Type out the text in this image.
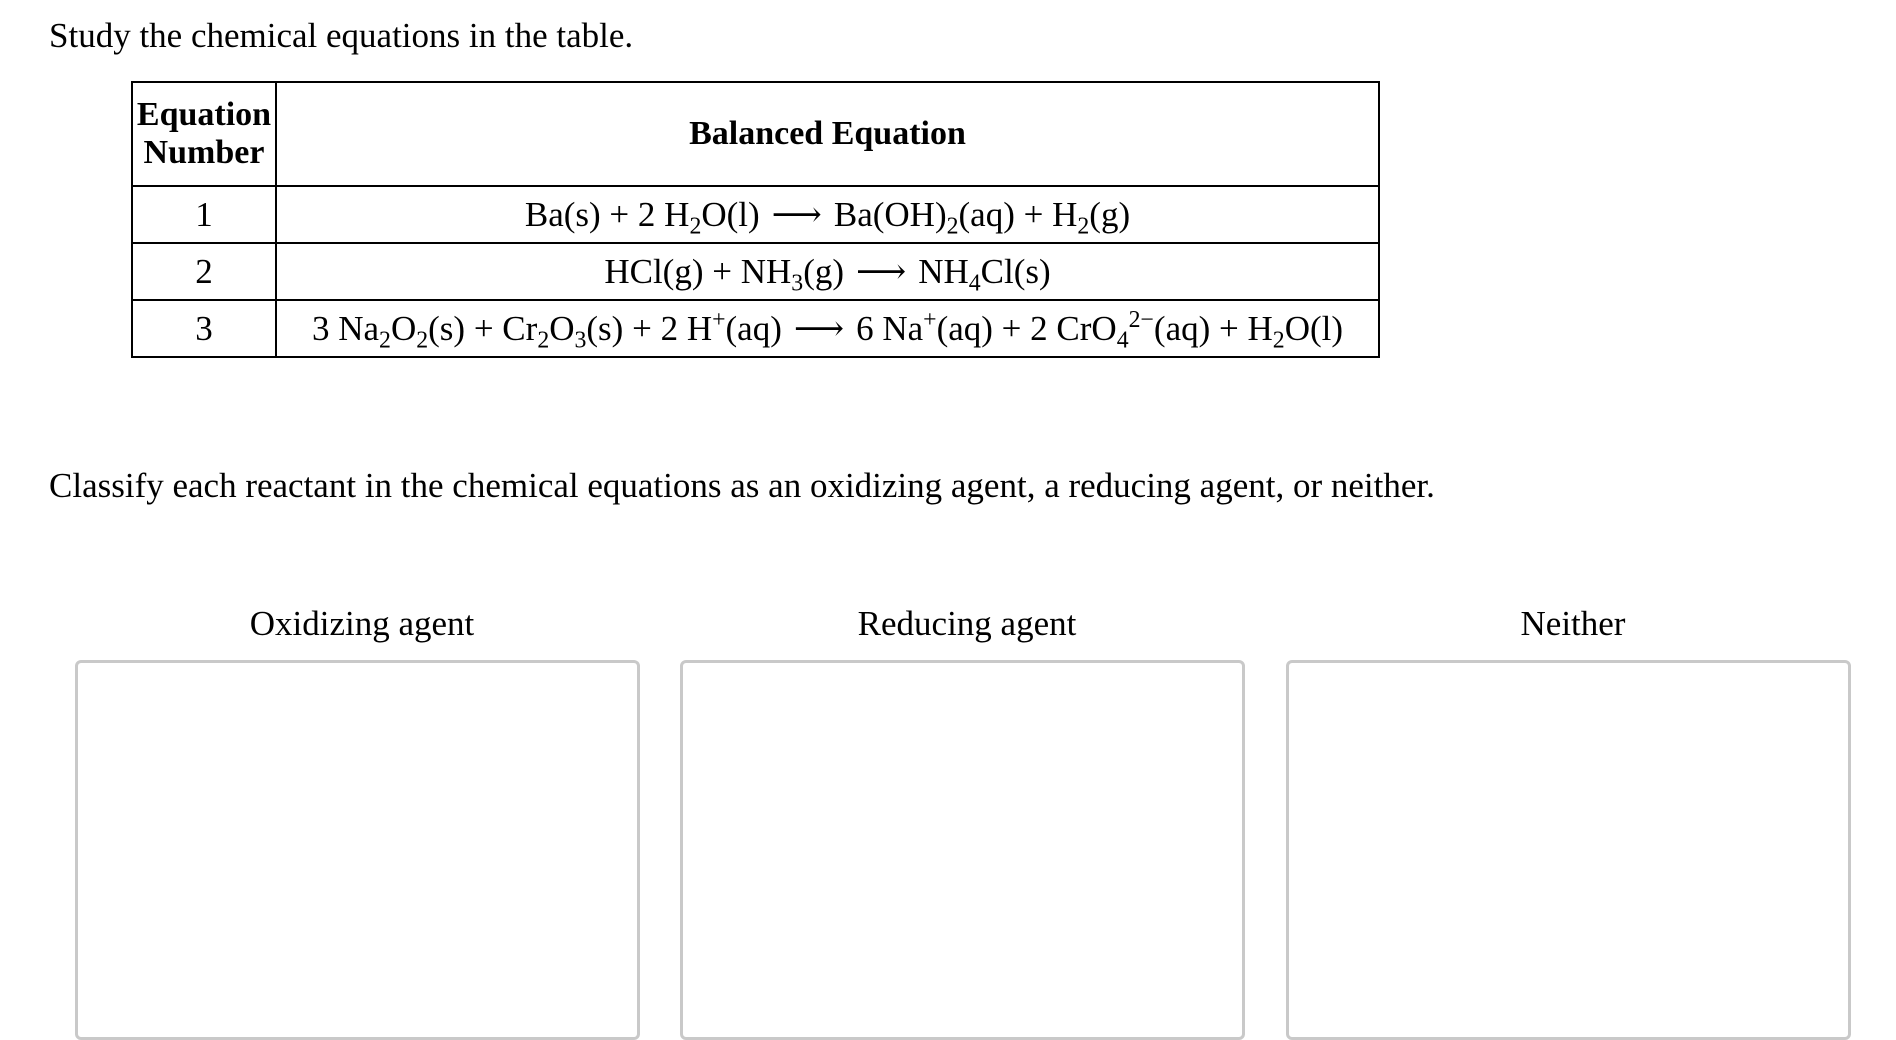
Study the chemical equations in the table.
Equation
Number	Balanced Equation
1	Ba(s) + 2 $H_2O(l)$ ⟶ $Ba(OH)_2(aq) + H_2(g)$
2	$HCl(g) + NH_3(g)$ ⟶ $NH_4Cl(s)$
3	3 $Na_2O_2(s) + Cr_2O_3(s) + 2$ H+(aq) ⟶ 6 Na+(aq) + 2 $CrO_4^{2-}(aq) + H_2O(l)$
Classify each reactant in the chemical equations as an oxidizing agent, a reducing agent, or neither.
Oxidizing agent	Reducing agent	Neither
